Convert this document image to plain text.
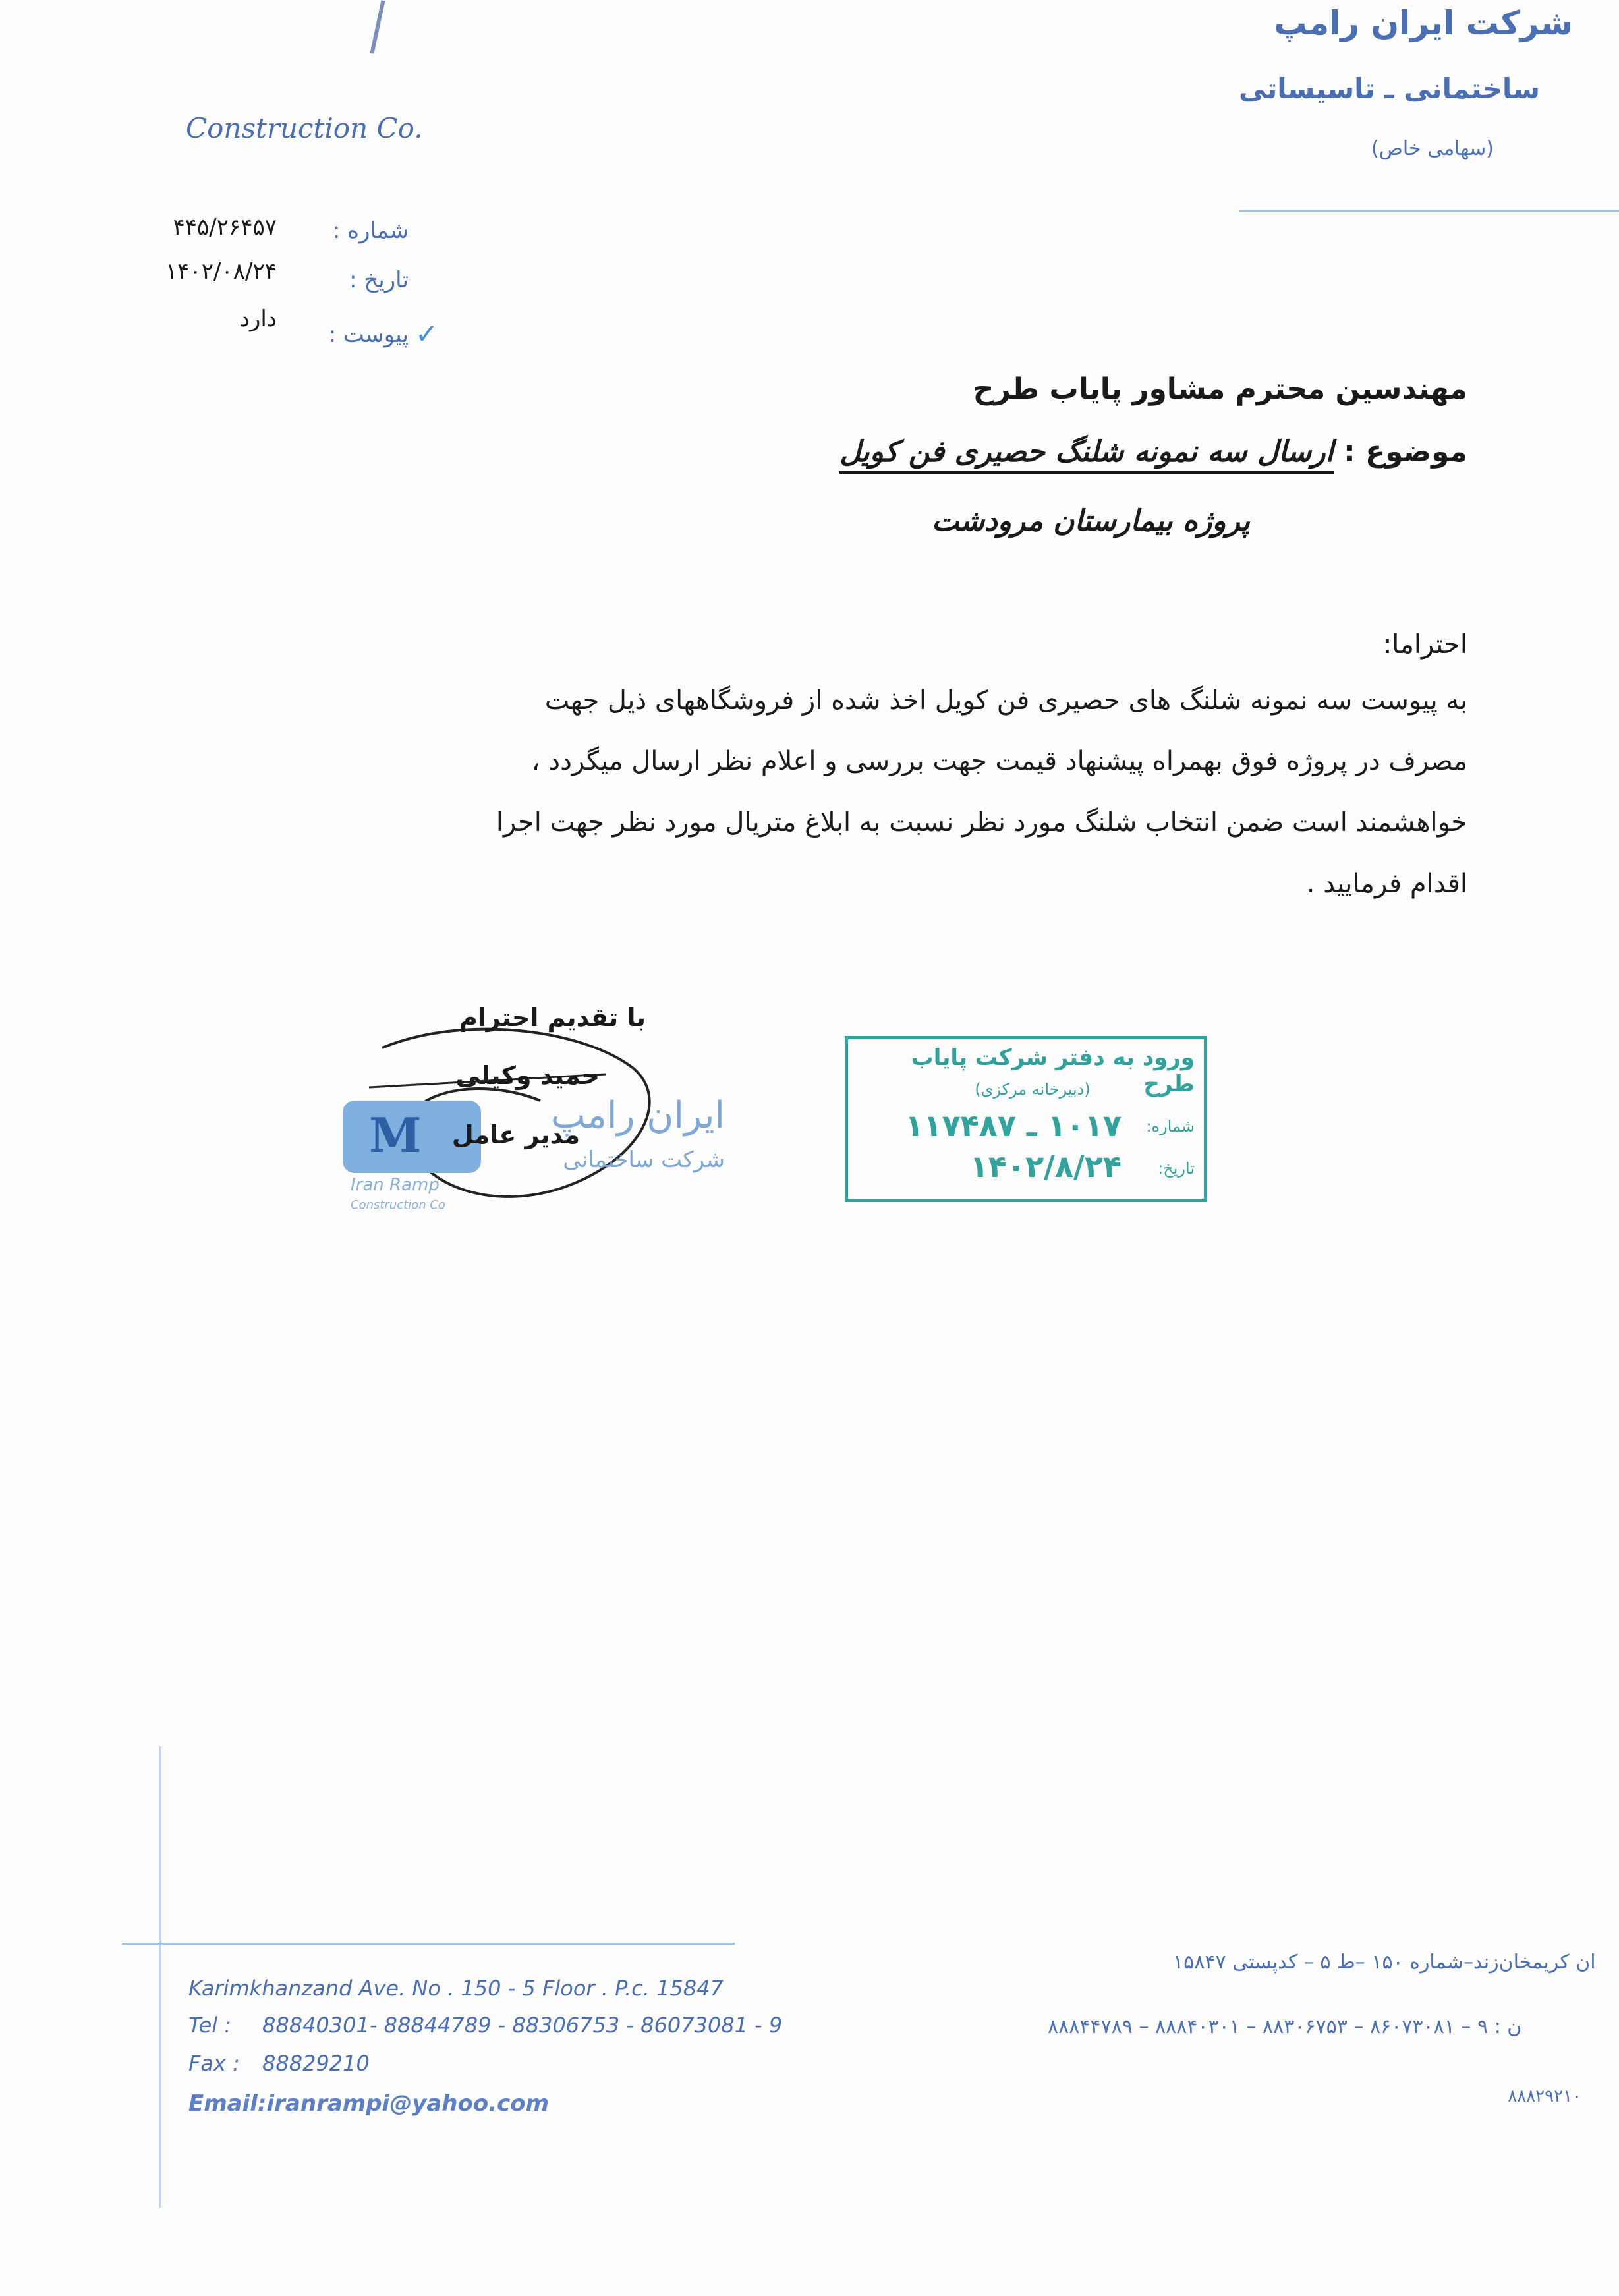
شرکت ایران رامپ
ساختمانی ـ تاسیساتی
(سهامی خاص)
Construction Co.
شماره :
۴۴۵/۲۶۴۵۷
تاریخ :
۱۴۰۲/۰۸/۲۴
پیوست : ✓
دارد
مهندسین محترم مشاور پایاب طرح
موضوع : ارسال سه نمونه شلنگ حصیری فن کویل
پروژه بیمارستان مرودشت
احتراما:
به پیوست سه نمونه شلنگ های حصیری فن کویل اخذ شده از فروشگاههای ذیل جهت
مصرف در پروژه فوق بهمراه پیشنهاد قیمت جهت بررسی و اعلام نظر ارسال میگردد ،
خواهشمند است ضمن انتخاب شلنگ مورد نظر نسبت به ابلاغ متریال مورد نظر جهت اجرا
اقدام فرمایید .
M	ایران رامپ
شرکت ساختمانی
Iran Ramp
Construction Co
با تقدیم احترام
حمید وکیلی
مدیر عامل
ورود به دفتر شرکت پایاب طرح
(دبیرخانه مرکزی)
شماره:
۱۰۱۷ ـ ۱۱۷۴۸۷
تاریخ:
۱۴۰۲/۸/۲۴
Karimkhanzand Ave. No . 150 - 5 Floor . P.c. 15847
Tel : 88840301- 88844789 - 88306753 - 86073081 - 9
Fax : 88829210
Email:iranrampi@yahoo.com
ان کریمخان‌زند–شماره ۱۵۰ –ط ۵ – کدپستی ۱۵۸۴۷
ن : ۹ – ۸۶۰۷۳۰۸۱ – ۸۸۳۰۶۷۵۳ – ۸۸۸۴۰۳۰۱ – ۸۸۸۴۴۷۸۹
۸۸۸۲۹۲۱۰
